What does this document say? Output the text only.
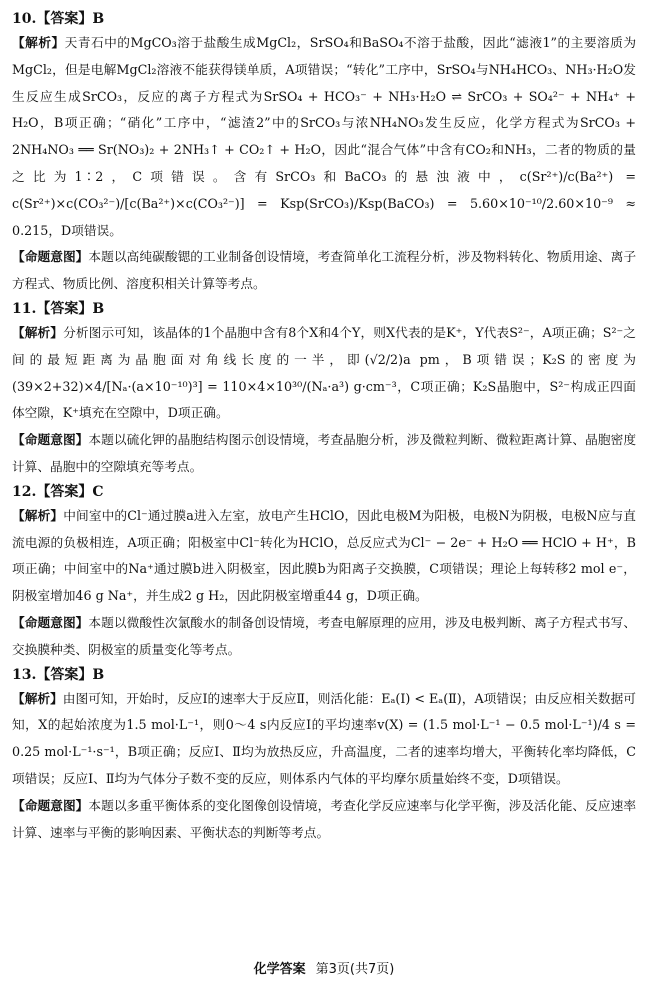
10.【答案】B

【解析】天青石中的MgCO₃溶于盐酸生成MgCl₂，SrSO₄和BaSO₄不溶于盐酸，因此“滤液1”的主要溶质为MgCl₂，但是电解MgCl₂溶液不能获得镁单质，A项错误；“转化”工序中，SrSO₄与NH₄HCO₃、NH₃·H₂O发生反应生成SrCO₃，反应的离子方程式为SrSO₄ + HCO₃⁻ + NH₃·H₂O ⇌ SrCO₃ + SO₄²⁻ + NH₄⁺ + H₂O，B项正确；“硝化”工序中，“滤渣2”中的SrCO₃与浓NH₄NO₃发生反应，化学方程式为SrCO₃ + 2NH₄NO₃ ══ Sr(NO₃)₂ + 2NH₃↑ + CO₂↑ + H₂O，因此“混合气体”中含有CO₂和NH₃，二者的物质的量之比为1∶2，C项错误。含有SrCO₃和BaCO₃的悬浊液中，c(Sr²⁺)/c(Ba²⁺) = c(Sr²⁺)×c(CO₃²⁻)/[c(Ba²⁺)×c(CO₃²⁻)] = Ksp(SrCO₃)/Ksp(BaCO₃) = 5.60×10⁻¹⁰/2.60×10⁻⁹ ≈ 0.215，D项错误。

【命题意图】本题以高纯碳酸锶的工业制备创设情境，考查简单化工流程分析，涉及物料转化、物质用途、离子方程式、物质比例、溶度积相关计算等考点。

11.【答案】B

【解析】分析图示可知，该晶体的1个晶胞中含有8个X和4个Y，则X代表的是K⁺，Y代表S²⁻，A项正确；S²⁻之间的最短距离为晶胞面对角线长度的一半，即(√2/2)a pm，B项错误；K₂S的密度为(39×2+32)×4/[Nₐ·(a×10⁻¹⁰)³] = 110×4×10³⁰/(Nₐ·a³) g·cm⁻³，C项正确；K₂S晶胞中，S²⁻构成正四面体空隙，K⁺填充在空隙中，D项正确。

【命题意图】本题以硫化钾的晶胞结构图示创设情境，考查晶胞分析，涉及微粒判断、微粒距离计算、晶胞密度计算、晶胞中的空隙填充等考点。

12.【答案】C

【解析】中间室中的Cl⁻通过膜a进入左室，放电产生HClO，因此电极M为阳极，电极N为阴极，电极N应与直流电源的负极相连，A项正确；阳极室中Cl⁻转化为HClO，总反应式为Cl⁻ − 2e⁻ + H₂O ══ HClO + H⁺，B项正确；中间室中的Na⁺通过膜b进入阴极室，因此膜b为阳离子交换膜，C项错误；理论上每转移2 mol e⁻，阴极室增加46 g Na⁺，并生成2 g H₂，因此阴极室增重44 g，D项正确。

【命题意图】本题以微酸性次氯酸水的制备创设情境，考查电解原理的应用，涉及电极判断、离子方程式书写、交换膜种类、阴极室的质量变化等考点。

13.【答案】B

【解析】由图可知，开始时，反应Ⅰ的速率大于反应Ⅱ，则活化能：Eₐ(Ⅰ) < Eₐ(Ⅱ)，A项错误；由反应相关数据可知，X的起始浓度为1.5 mol·L⁻¹，则0～4 s内反应Ⅰ的平均速率v(X) = (1.5 mol·L⁻¹ − 0.5 mol·L⁻¹)/4 s = 0.25 mol·L⁻¹·s⁻¹，B项正确；反应Ⅰ、Ⅱ均为放热反应，升高温度，二者的速率均增大，平衡转化率均降低，C项错误；反应Ⅰ、Ⅱ均为气体分子数不变的反应，则体系内气体的平均摩尔质量始终不变，D项错误。

【命题意图】本题以多重平衡体系的变化图像创设情境，考查化学反应速率与化学平衡，涉及活化能、反应速率计算、速率与平衡的影响因素、平衡状态的判断等考点。

化学答案 第3页(共7页)
